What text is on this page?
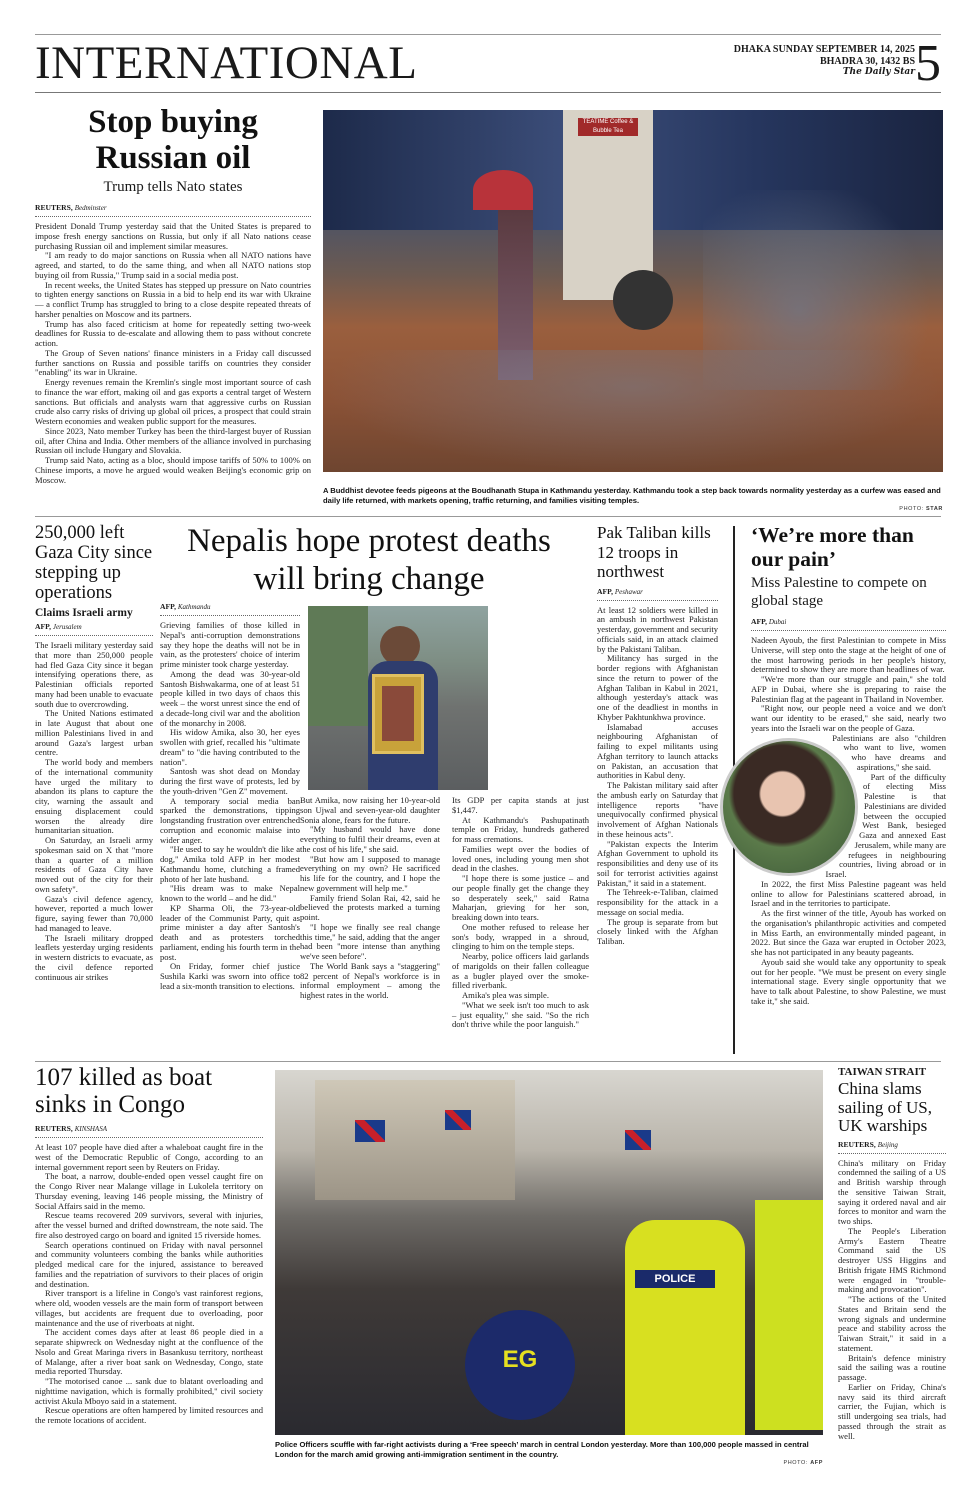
INTERNATIONAL	DHAKA SUNDAY SEPTEMBER 14, 2025
BHADRA 30, 1432 BS
The Daily Star 5
Stop buying Russian oil
Trump tells Nato states
REUTERS, Bedminster

President Donald Trump yesterday said that the United States is prepared to impose fresh energy sanctions on Russia, but only if all Nato nations cease purchasing Russian oil and implement similar measures.

"I am ready to do major sanctions on Russia when all NATO nations have agreed, and started, to do the same thing, and when all NATO nations stop buying oil from Russia," Trump said in a social media post.

In recent weeks, the United States has stepped up pressure on Nato countries to tighten energy sanctions on Russia in a bid to help end its war with Ukraine — a conflict Trump has struggled to bring to a close despite repeated threats of harsher penalties on Moscow and its partners.

Trump has also faced criticism at home for repeatedly setting two-week deadlines for Russia to de-escalate and allowing them to pass without concrete action.

The Group of Seven nations' finance ministers in a Friday call discussed further sanctions on Russia and possible tariffs on countries they consider "enabling" its war in Ukraine.

Energy revenues remain the Kremlin's single most important source of cash to finance the war effort, making oil and gas exports a central target of Western sanctions. But officials and analysts warn that aggressive curbs on Russian crude also carry risks of driving up global oil prices, a prospect that could strain Western economies and weaken public support for the measures.

Since 2023, Nato member Turkey has been the third-largest buyer of Russian oil, after China and India. Other members of the alliance involved in purchasing Russian oil include Hungary and Slovakia.

Trump said Nato, acting as a bloc, should impose tariffs of 50% to 100% on Chinese imports, a move he argued would weaken Beijing's economic grip on Moscow.

TEATIME Coffee & Bubble Tea
A Buddhist devotee feeds pigeons at the Boudhanath Stupa in Kathmandu yesterday. Kathmandu took a step back towards normality yesterday as a curfew was eased and daily life returned, with markets opening, traffic returning, and families visiting temples.
PHOTO: STAR
250,000 left Gaza City since stepping up operations
Claims Israeli army
AFP, Jerusalem

The Israeli military yesterday said that more than 250,000 people had fled Gaza City since it began intensifying operations there, as Palestinian officials reported many had been unable to evacuate south due to overcrowding.

The United Nations estimated in late August that about one million Palestinians lived in and around Gaza's largest urban centre.

The world body and members of the international community have urged the military to abandon its plans to capture the city, warning the assault and ensuing displacement could worsen the already dire humanitarian situation.

On Saturday, an Israeli army spokesman said on X that "more than a quarter of a million residents of Gaza City have moved out of the city for their own safety".

Gaza's civil defence agency, however, reported a much lower figure, saying fewer than 70,000 had managed to leave.

The Israeli military dropped leaflets yesterday urging residents in western districts to evacuate, as the civil defence reported continuous air strikes

Nepalis hope protest deaths will bring change
AFP, Kathmandu

Grieving families of those killed in Nepal's anti-corruption demonstrations say they hope the deaths will not be in vain, as the protesters' choice of interim prime minister took charge yesterday.

Among the dead was 30-year-old Santosh Bishwakarma, one of at least 51 people killed in two days of chaos this week – the worst unrest since the end of a decade-long civil war and the abolition of the monarchy in 2008.

His widow Amika, also 30, her eyes swollen with grief, recalled his "ultimate dream" to "die having contributed to the nation".

Santosh was shot dead on Monday during the first wave of protests, led by the youth-driven "Gen Z" movement.

A temporary social media ban sparked the demonstrations, tipping longstanding frustration over entrenched corruption and economic malaise into wider anger.

"He used to say he wouldn't die like a dog," Amika told AFP in her modest Kathmandu home, clutching a framed photo of her late husband.

"His dream was to make Nepal known to the world – and he did."

KP Sharma Oli, the 73-year-old leader of the Communist Party, quit as prime minister a day after Santosh's death and as protesters torched parliament, ending his fourth term in the post.

On Friday, former chief justice Sushila Karki was sworn into office to lead a six-month transition to elections.

But Amika, now raising her 10-year-old son Ujwal and seven-year-old daughter Sonia alone, fears for the future.

"My husband would have done everything to fulfil their dreams, even at the cost of his life," she said.

"But how am I supposed to manage everything on my own? He sacrificed his life for the country, and I hope the new government will help me."

Family friend Solan Rai, 42, said he believed the protests marked a turning point.

"I hope we finally see real change this time," he said, adding that the anger had been "more intense than anything we've seen before".

The World Bank says a "staggering" 82 percent of Nepal's workforce is in informal employment – among the highest rates in the world.

Its GDP per capita stands at just $1,447.

At Kathmandu's Pashupatinath temple on Friday, hundreds gathered for mass cremations.

Families wept over the bodies of loved ones, including young men shot dead in the clashes.

"I hope there is some justice – and our people finally get the change they so desperately seek," said Ratna Maharjan, grieving for her son, breaking down into tears.

One mother refused to release her son's body, wrapped in a shroud, clinging to him on the temple steps.

Nearby, police officers laid garlands of marigolds on their fallen colleague as a bugler played over the smoke-filled riverbank.

Amika's plea was simple.

"What we seek isn't too much to ask – just equality," she said. "So the rich don't thrive while the poor languish."

Pak Taliban kills 12 troops in northwest
AFP, Peshawar

At least 12 soldiers were killed in an ambush in northwest Pakistan yesterday, government and security officials said, in an attack claimed by the Pakistani Taliban.

Militancy has surged in the border regions with Afghanistan since the return to power of the Afghan Taliban in Kabul in 2021, although yesterday's attack was one of the deadliest in months in Khyber Pakhtunkhwa province.

Islamabad accuses neighbouring Afghanistan of failing to expel militants using Afghan territory to launch attacks on Pakistan, an accusation that authorities in Kabul deny.

The Pakistan military said after the ambush early on Saturday that intelligence reports "have unequivocally confirmed physical involvement of Afghan Nationals in these heinous acts".

"Pakistan expects the Interim Afghan Government to uphold its responsibilities and deny use of its soil for terrorist activities against Pakistan," it said in a statement.

The Tehreek-e-Taliban, claimed responsibility for the attack in a message on social media.

The group is separate from but closely linked with the Afghan Taliban.

‘We’re more than our pain’
Miss Palestine to compete on global stage
AFP, Dubai

Nadeen Ayoub, the first Palestinian to compete in Miss Universe, will step onto the stage at the height of one of the most harrowing periods in her people's history, determined to show they are more than headlines of war.

"We're more than our struggle and pain," she told AFP in Dubai, where she is preparing to raise the Palestinian flag at the pageant in Thailand in November.

"Right now, our people need a voice and we don't want our identity to be erased," she said, nearly two years into the Israeli war on the people of Gaza.

Palestinians are also "children who want to live, women who have dreams and aspirations," she said.

Part of the difficulty of electing Miss Palestine is that Palestinians are divided between the occupied West Bank, besieged Gaza and annexed East Jerusalem, while many are refugees in neighbouring countries, living abroad or in Israel.

In 2022, the first Miss Palestine pageant was held online to allow for Palestinians scattered abroad, in Israel and in the territories to participate.

As the first winner of the title, Ayoub has worked on the organisation's philanthropic activities and competed in Miss Earth, an environmentally minded pageant, in 2022. But since the Gaza war erupted in October 2023, she has not participated in any beauty pageants.

Ayoub said she would take any opportunity to speak out for her people. "We must be present on every single international stage. Every single opportunity that we have to talk about Palestine, to show Palestine, we must take it," she said.

107 killed as boat sinks in Congo
REUTERS, KINSHASA

At least 107 people have died after a whaleboat caught fire in the west of the Democratic Republic of Congo, according to an internal government report seen by Reuters on Friday.

The boat, a narrow, double-ended open vessel caught fire on the Congo River near Malange village in Lukolela territory on Thursday evening, leaving 146 people missing, the Ministry of Social Affairs said in the memo.

Rescue teams recovered 209 survivors, several with injuries, after the vessel burned and drifted downstream, the note said. The fire also destroyed cargo on board and ignited 15 riverside homes.

Search operations continued on Friday with naval personnel and community volunteers combing the banks while authorities pledged medical care for the injured, assistance to bereaved families and the repatriation of survivors to their places of origin and destination.

River transport is a lifeline in Congo's vast rainforest regions, where old, wooden vessels are the main form of transport between villages, but accidents are frequent due to overloading, poor maintenance and the use of riverboats at night.

The accident comes days after at least 86 people died in a separate shipwreck on Wednesday night at the confluence of the Nsolo and Great Maringa rivers in Basankusu territory, northeast of Malange, after a river boat sank on Wednesday, Congo, state media reported Thursday.

"The motorised canoe ... sank due to blatant overloading and nighttime navigation, which is formally prohibited," civil society activist Akula Mboyo said in a statement.

Rescue operations are often hampered by limited resources and the remote locations of accident.

POLICE
EG
Police Officers scuffle with far-right activists during a ‘Free speech’ march in central London yesterday. More than 100,000 people massed in central London for the march amid growing anti-immigration sentiment in the country.
PHOTO: AFP
TAIWAN STRAIT
China slams sailing of US, UK warships
REUTERS, Beijing

China's military on Friday condemned the sailing of a US and British warship through the sensitive Taiwan Strait, saying it ordered naval and air forces to monitor and warn the two ships.

The People's Liberation Army's Eastern Theatre Command said the US destroyer USS Higgins and British frigate HMS Richmond were engaged in "trouble-making and provocation".

"The actions of the United States and Britain send the wrong signals and undermine peace and stability across the Taiwan Strait," it said in a statement.

Britain's defence ministry said the sailing was a routine passage.

Earlier on Friday, China's navy said its third aircraft carrier, the Fujian, which is still undergoing sea trials, had passed through the strait as well.
